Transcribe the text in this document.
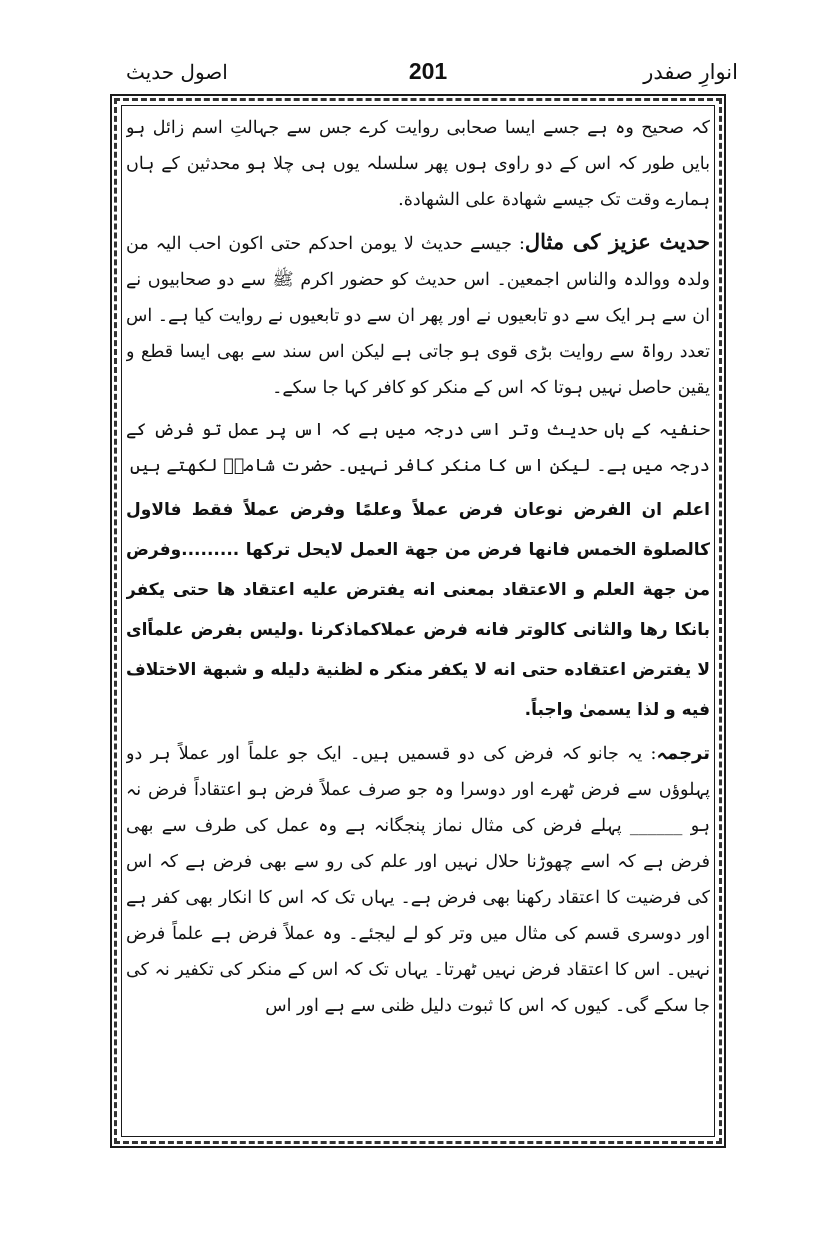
انوارِ صفدر
201
اصول حدیث

کہ صحیح وہ ہے جسے ایسا صحابی روایت کرے جس سے جہالتِ اسم زائل ہو بایں طور کہ اس کے دو راوی ہوں پھر سلسلہ یوں ہی چلا ہو محدثین کے ہاں ہمارے وقت تک جیسے شھادة علی الشھادة.

حدیث عزیز کی مثال: جیسے حدیث لا یومن احدکم حتی اکون احب الیہ من ولدہ ووالدہ والناس اجمعین۔ اس حدیث کو حضور اکرم ﷺ سے دو صحابیوں نے ان سے ہر ایک سے دو تابعیوں نے اور پھر ان سے دو تابعیوں نے روایت کیا ہے۔ اس تعدد رواۃ سے روایت بڑی قوی ہو جاتی ہے لیکن اس سند سے بھی ایسا قطع و یقین حاصل نہیں ہوتا کہ اس کے منکر کو کافر کہا جا سکے۔

حنفیہ کے ہاں حدیث وتر اسی درجہ میں ہے کہ اس پر عمل تو فرض کے درجہ میں ہے۔ لیکن اس کا منکر کافر نہیں۔ حضرت شامیؒ لکھتے ہیں

اعلم ان الفرض نوعان فرض عملاً وعلمًا وفرض عملاً فقط فالاول کالصلوة الخمس فانها فرض من جهة العمل لايحل تركها .........وفرض من جهة العلم و الاعتقاد بمعنى انه يفترض عليه اعتقاد ها حتى يكفر بانكا رها والثانى كالوتر فانه فرض عملاكماذكرنا .وليس بفرض علماًاى لا يفترض اعتقاده حتى انه لا يكفر منكر ه لظنية دليله و شبهة الاختلاف فيه و لذا يسمىٰ واجباً.

ترجمہ: یہ جانو کہ فرض کی دو قسمیں ہیں۔ ایک جو علماً اور عملاً ہر دو پہلوؤں سے فرض ٹھرے اور دوسرا وہ جو صرف عملاً فرض ہو اعتقاداً فرض نہ ہو ______ پہلے فرض کی مثال نماز پنجگانہ ہے وہ عمل کی طرف سے بھی فرض ہے کہ اسے چھوڑنا حلال نہیں اور علم کی رو سے بھی فرض ہے کہ اس کی فرضیت کا اعتقاد رکھنا بھی فرض ہے۔ یہاں تک کہ اس کا انکار بھی کفر ہے اور دوسری قسم کی مثال میں وتر کو لے لیجئے۔ وہ عملاً فرض ہے علماً فرض نہیں۔ اس کا اعتقاد فرض نہیں ٹھرتا۔ یہاں تک کہ اس کے منکر کی تکفیر نہ کی جا سکے گی۔ کیوں کہ اس کا ثبوت دلیل ظنی سے ہے اور اس
